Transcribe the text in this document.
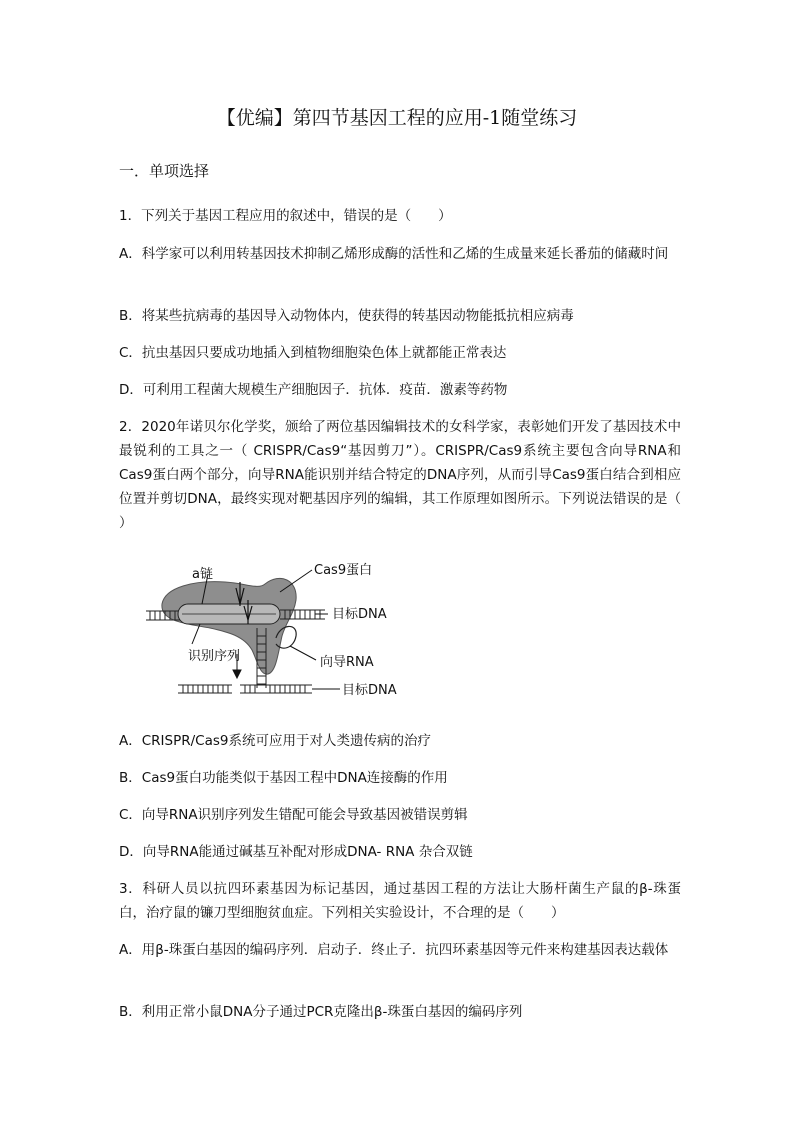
【优编】第四节基因工程的应用-1随堂练习
一．单项选择
1．下列关于基因工程应用的叙述中，错误的是（　　）
A．科学家可以利用转基因技术抑制乙烯形成酶的活性和乙烯的生成量来延长番茄的储藏时间
B．将某些抗病毒的基因导入动物体内，使获得的转基因动物能抵抗相应病毒
C．抗虫基因只要成功地插入到植物细胞染色体上就都能正常表达
D．可利用工程菌大规模生产细胞因子．抗体．疫苗．激素等药物
2．2020年诺贝尔化学奖，颁给了两位基因编辑技术的女科学家，表彰她们开发了基因技术中最锐利的工具之一（ CRISPR/Cas9“基因剪刀”）。CRISPR/Cas9系统主要包含向导RNA和Cas9蛋白两个部分，向导RNA能识别并结合特定的DNA序列，从而引导Cas9蛋白结合到相应位置并剪切DNA，最终实现对靶基因序列的编辑，其工作原理如图所示。下列说法错误的是（ ）
a链	Cas9蛋白
目标DNA
识别序列	向导RNA
目标DNA
A．CRISPR/Cas9系统可应用于对人类遗传病的治疗
B．Cas9蛋白功能类似于基因工程中DNA连接酶的作用
C．向导RNA识别序列发生错配可能会导致基因被错误剪辑
D．向导RNA能通过碱基互补配对形成DNA- RNA 杂合双链
3．科研人员以抗四环素基因为标记基因，通过基因工程的方法让大肠杆菌生产鼠的β-珠蛋白，治疗鼠的镰刀型细胞贫血症。下列相关实验设计，不合理的是（　　）
A．用β-珠蛋白基因的编码序列．启动子．终止子．抗四环素基因等元件来构建基因表达载体
B．利用正常小鼠DNA分子通过PCR克隆出β-珠蛋白基因的编码序列
